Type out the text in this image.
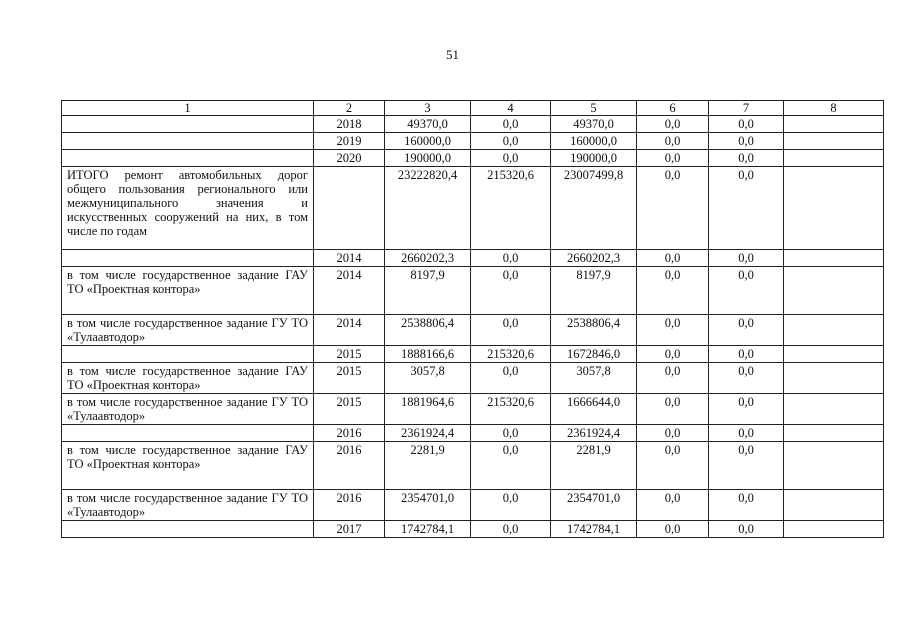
51
1	2	3	4	5	6	7	8
	2018	49370,0	0,0	49370,0	0,0	0,0	
	2019	160000,0	0,0	160000,0	0,0	0,0	
	2020	190000,0	0,0	190000,0	0,0	0,0	
ИТОГО ремонт автомобильных дорог общего пользования регионального или межмуниципального значения и искусственных сооружений на них, в том числе по годам		23222820,4	215320,6	23007499,8	0,0	0,0	
	2014	2660202,3	0,0	2660202,3	0,0	0,0	
в том числе государственное задание ГАУ ТО «Проектная контора»	2014	8197,9	0,0	8197,9	0,0	0,0	
в том числе государственное задание ГУ ТО «Тулаавтодор»	2014	2538806,4	0,0	2538806,4	0,0	0,0	
	2015	1888166,6	215320,6	1672846,0	0,0	0,0	
в том числе государственное задание ГАУ ТО «Проектная контора»	2015	3057,8	0,0	3057,8	0,0	0,0	
в том числе государственное задание ГУ ТО «Тулаавтодор»	2015	1881964,6	215320,6	1666644,0	0,0	0,0	
	2016	2361924,4	0,0	2361924,4	0,0	0,0	
в том числе государственное задание ГАУ ТО «Проектная контора»	2016	2281,9	0,0	2281,9	0,0	0,0	
в том числе государственное задание ГУ ТО «Тулаавтодор»	2016	2354701,0	0,0	2354701,0	0,0	0,0	
	2017	1742784,1	0,0	1742784,1	0,0	0,0	
